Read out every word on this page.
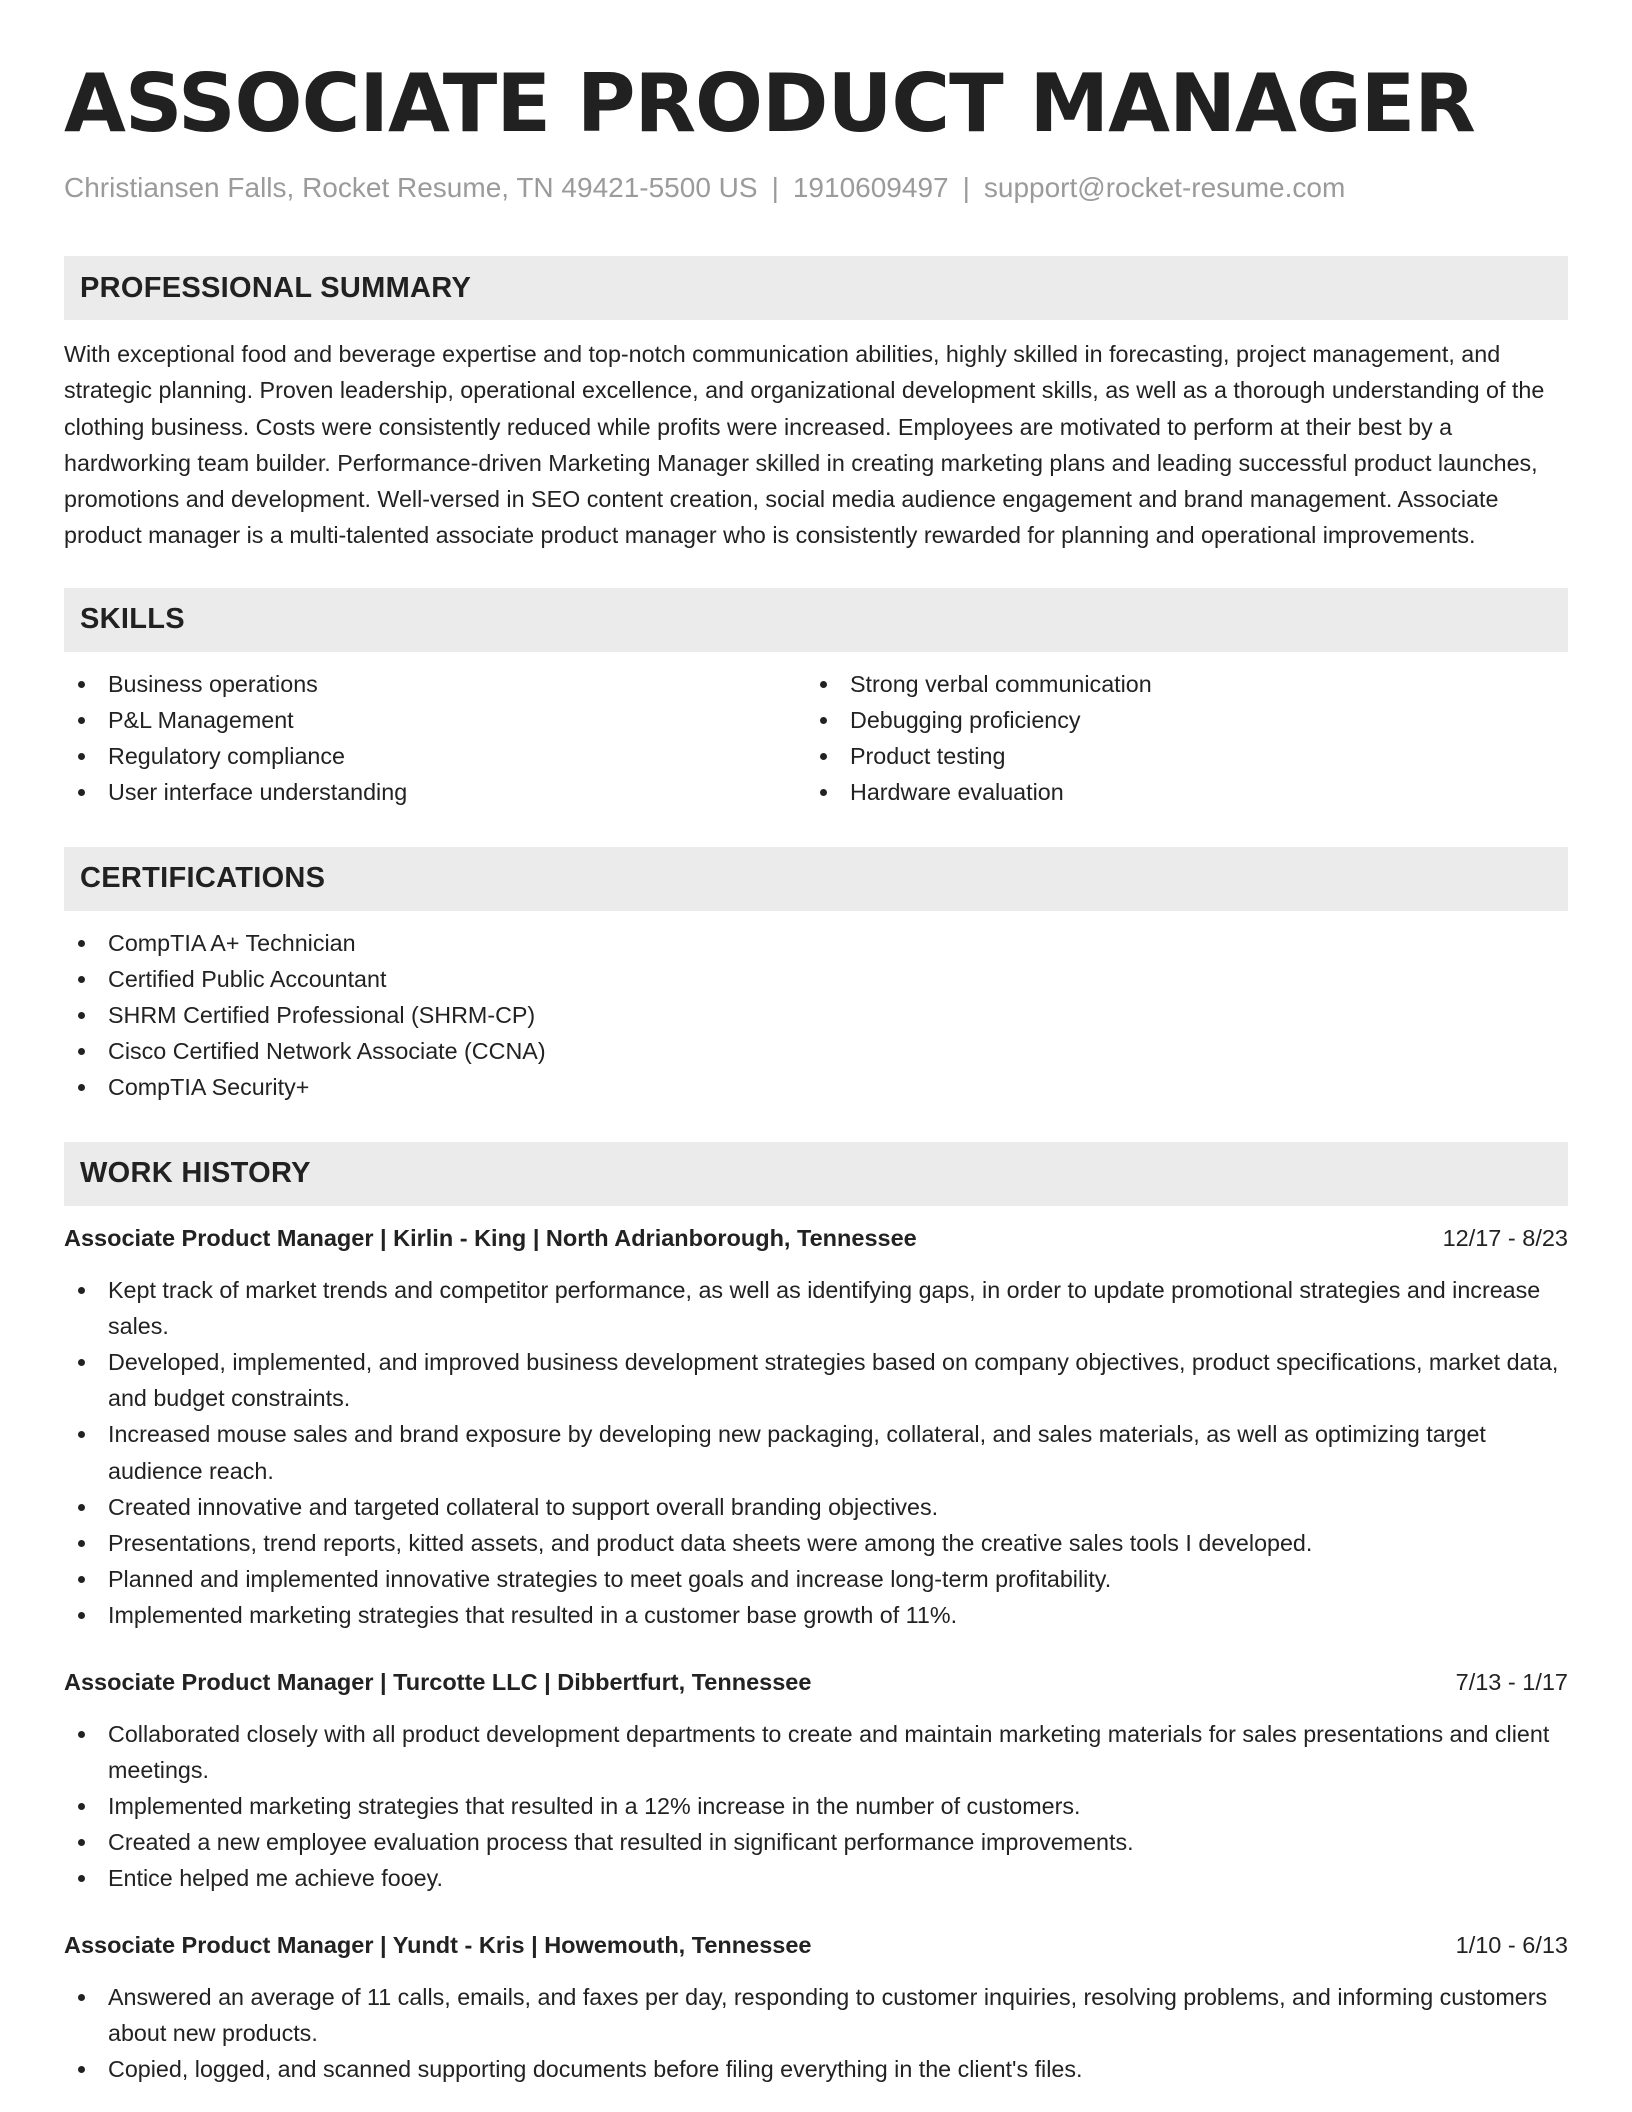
ASSOCIATE PRODUCT MANAGER
Christiansen Falls, Rocket Resume, TN 49421-5500 US | 1910609497 | support@rocket-resume.com
PROFESSIONAL SUMMARY

With exceptional food and beverage expertise and top-notch communication abilities, highly skilled in forecasting, project management, and strategic planning. Proven leadership, operational excellence, and organizational development skills, as well as a thorough understanding of the clothing business. Costs were consistently reduced while profits were increased. Employees are motivated to perform at their best by a hardworking team builder. Performance-driven Marketing Manager skilled in creating marketing plans and leading successful product launches, promotions and development. Well-versed in SEO content creation, social media audience engagement and brand management. Associate product manager is a multi-talented associate product manager who is consistently rewarded for planning and operational improvements.

SKILLS
Business operations
P&L Management
Regulatory compliance
User interface understanding
Strong verbal communication
Debugging proficiency
Product testing
Hardware evaluation
CERTIFICATIONS
CompTIA A+ Technician
Certified Public Accountant
SHRM Certified Professional (SHRM-CP)
Cisco Certified Network Associate (CCNA)
CompTIA Security+
WORK HISTORY
Associate Product Manager | Kirlin - King | North Adrianborough, Tennessee	12/17 - 8/23
Kept track of market trends and competitor performance, as well as identifying gaps, in order to update promotional strategies and increase sales.
Developed, implemented, and improved business development strategies based on company objectives, product specifications, market data, and budget constraints.
Increased mouse sales and brand exposure by developing new packaging, collateral, and sales materials, as well as optimizing target audience reach.
Created innovative and targeted collateral to support overall branding objectives.
Presentations, trend reports, kitted assets, and product data sheets were among the creative sales tools I developed.
Planned and implemented innovative strategies to meet goals and increase long-term profitability.
Implemented marketing strategies that resulted in a customer base growth of 11%.
Associate Product Manager | Turcotte LLC | Dibbertfurt, Tennessee	7/13 - 1/17
Collaborated closely with all product development departments to create and maintain marketing materials for sales presentations and client meetings.
Implemented marketing strategies that resulted in a 12% increase in the number of customers.
Created a new employee evaluation process that resulted in significant performance improvements.
Entice helped me achieve fooey.
Associate Product Manager | Yundt - Kris | Howemouth, Tennessee	1/10 - 6/13
Answered an average of 11 calls, emails, and faxes per day, responding to customer inquiries, resolving problems, and informing customers about new products.
Copied, logged, and scanned supporting documents before filing everything in the client's files.
